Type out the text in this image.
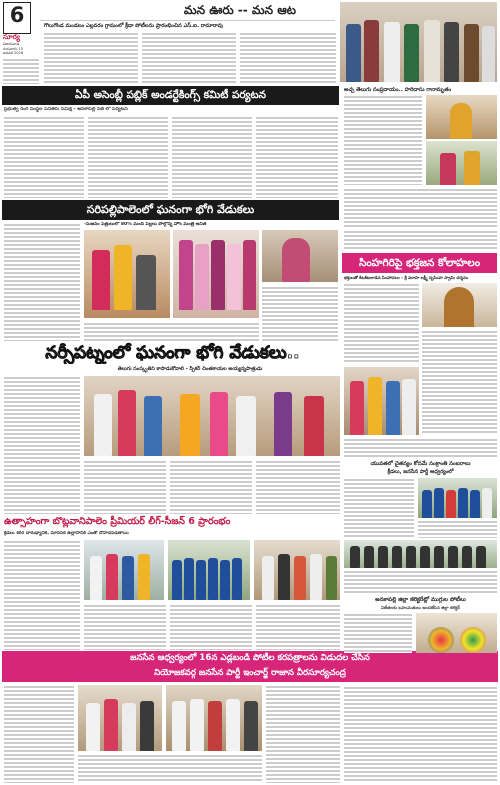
6
సూర్య
విజయవాడ
గురువారం 15
జనవరి 2026
మన ఊరు -- మన ఆట
గొలుగొండ మండలం ఎల్లవరం గ్రామంలో క్రీడా పోటీలను ప్రారంభించిన ఎస్.ఐ. రామారావు
ఏపీ అసెంబ్లీ పబ్లిక్ అండర్టేకింగ్స్ కమిటీ పర్యటన
ప్రభుత్వ రంగ సంస్థల పనితీరు సమీక్ష - అనకాపల్లి సెజ్ లో పర్యటన
సరిపల్లిపాలెంలో ఘనంగా భోగి వేడుకలు
-సుజనం పత్రులులో 80% మంది పిల్లలు పొల్గొన్న హోం మంత్రి అనిత
నర్సీపట్నంలో ఘనంగా భోగి వేడుకలు..
తెలుగు సంస్కృతిని కాపాడుకోవాలి - స్పీకర్ చింతకాయల అయ్యన్నపాత్రుడు
ఉత్సాహంగా బొట్లవానిపాలెం ప్రీమియర్ లీగ్-సీజన్ 6 ప్రారంభం
క్రీడలు శరీర దారుఢ్యానికి, మానసిక ఉల్లాసానికి ఎంతో దోహదపడతాయి
జనసేన ఆధ్వర్యంలో 16న ఎడ్లబండి పోటీల కరపత్రాలను విడుదల చేసిన
నియోజకవర్గ జనసేన పార్టీ ఇంచార్జ్ రాజాన వీరసూర్యచంద్ర
అచ్చ తెలుగు సంప్రదాయం.. హరిదాసు గానామృతం
సింహగిరిపై భక్తజన కోలాహలం
భక్తులతో కిటకిటలాడిన సింహాచలం - శ్రీ వరాహ లక్ష్మీ నృసింహ స్వామి దర్శనం
యువతలో చైతన్యం కోసమే సంక్రాంతి సంబరాలు
క్రీడలు, జనసేన పార్టీ ఆధ్వర్యంలో
అనకాపల్లి జిల్లా కలెక్టరేట్లో ముగ్గుల పోటీలు
విజేతలకు బహుమతులు అందజేసిన జిల్లా కలెక్టర్
